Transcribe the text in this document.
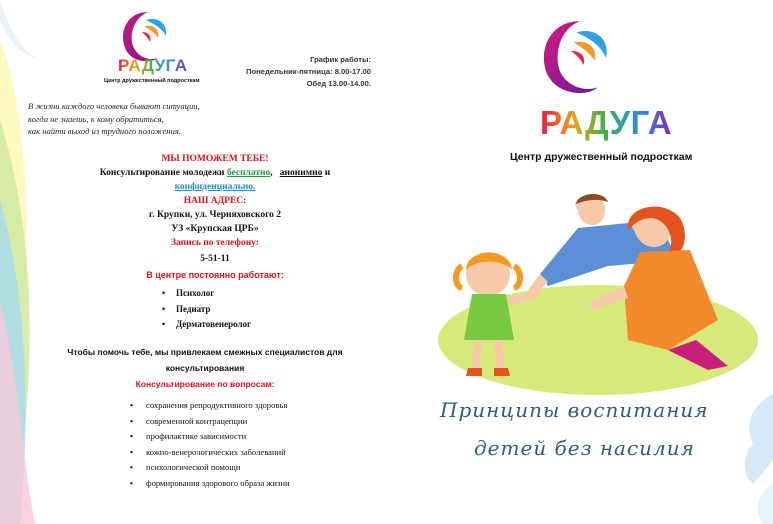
РАДУГА
Центр дружественный подросткам
График работы:
Понедельник-пятница: 8.00-17.00
Обед 13.00-14.00.
В жизни каждого человека бывают ситуации,
когда не знаешь, к кому обратиться,
как найти выход из трудного положения.
МЫ ПОМОЖЕМ ТЕБЕ!
Консультирование молодежи бесплатно, анонимно и
конфиденциально.
НАШ АДРЕС:
г. Крупки, ул. Черняховского 2
УЗ «Крупская ЦРБ»
Запись по телефону:
5-51-11
В центре постоянно работают:
• Психолог
• Педиатр
• Дерматовенеролог
Чтобы помочь тебе, мы привлекаем смежных специалистов для
консультирования
Консультирование по вопросам:
• сохранения репродуктивного здоровья
• современной контрацепции
• профилактике зависимости
• кожно-венерологических заболеваний
• психологической помощи
• формирования здорового образа жизни
РАДУГА
Центр дружественный подросткам
Принципы воспитания
детей без насилия
